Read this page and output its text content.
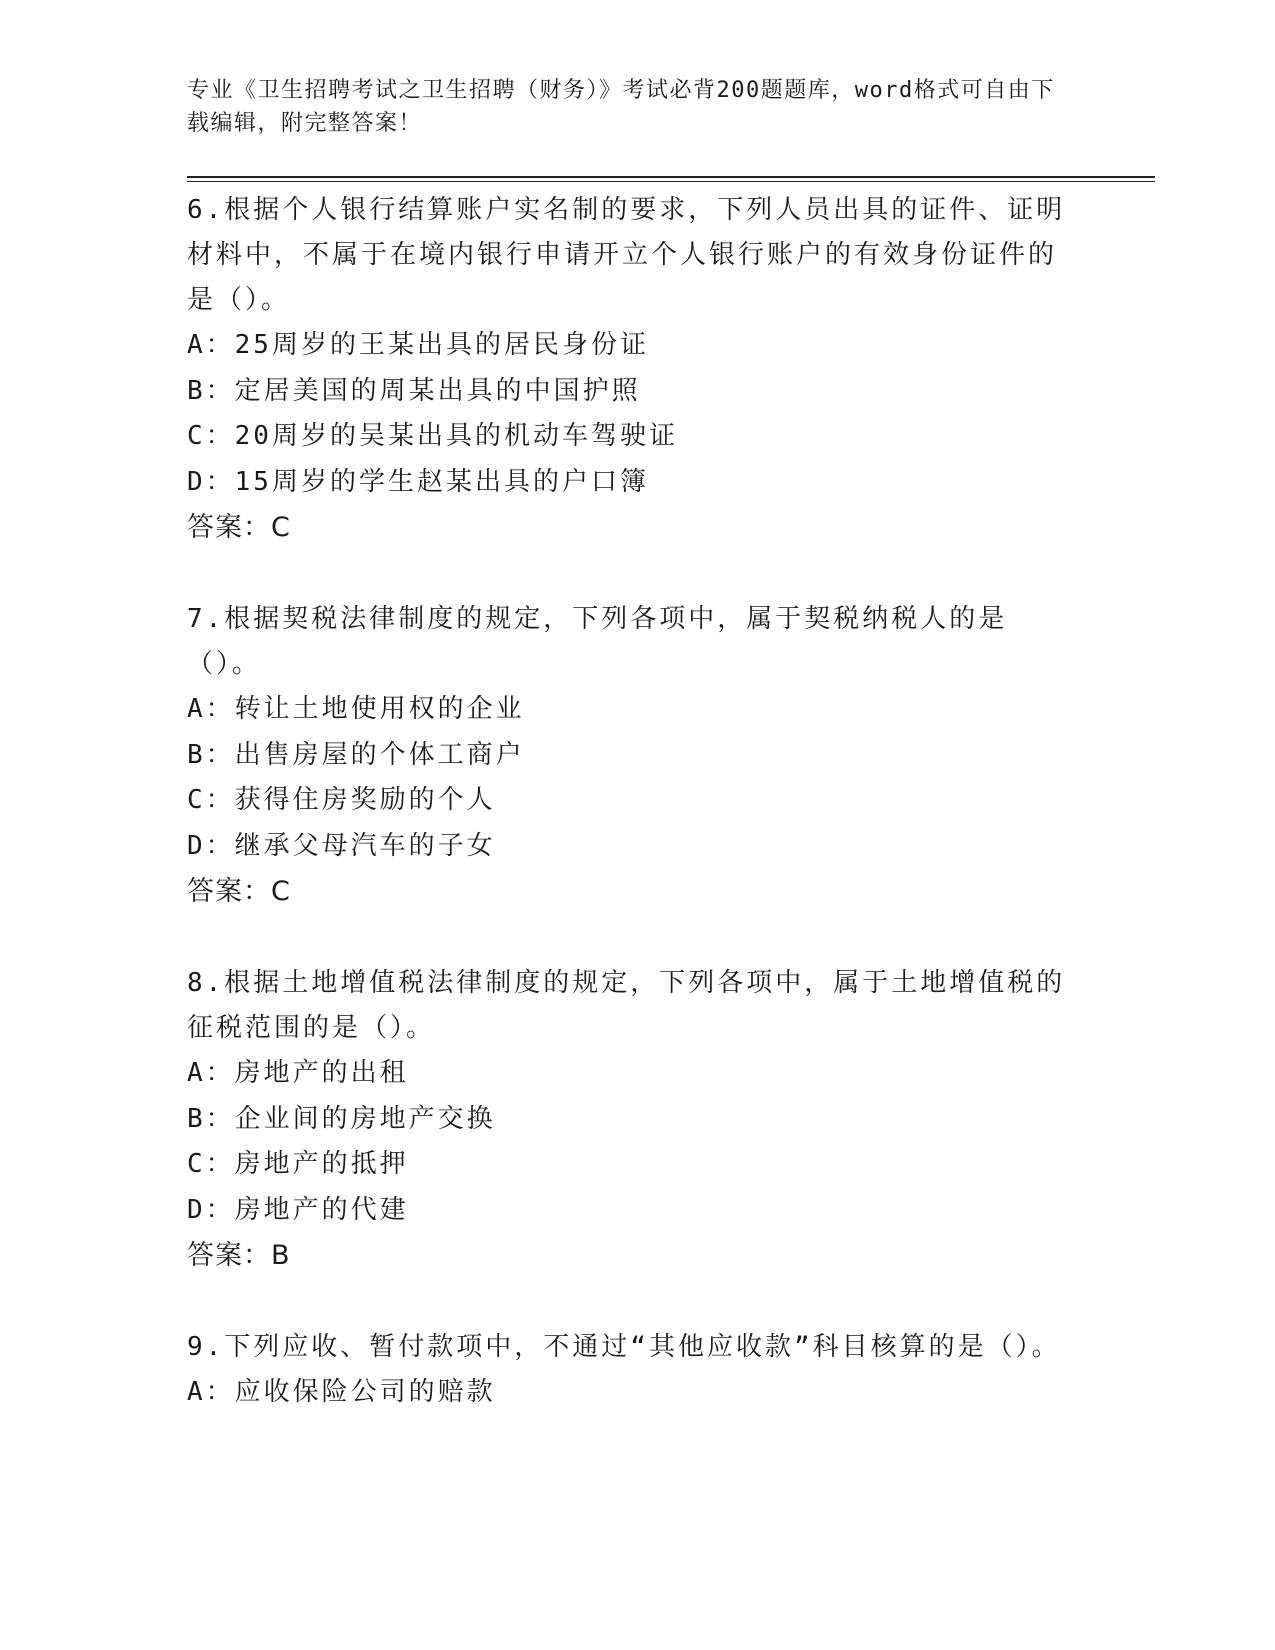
专业《卫生招聘考试之卫生招聘（财务）》考试必背200题题库，word格式可自由下载编辑，附完整答案！
6.根据个人银行结算账户实名制的要求，下列人员出具的证件、证明材料中，不属于在境内银行申请开立个人银行账户的有效身份证件的是（）。
A：25周岁的王某出具的居民身份证
B：定居美国的周某出具的中国护照
C：20周岁的吴某出具的机动车驾驶证
D：15周岁的学生赵某出具的户口簿
答案：C
7.根据契税法律制度的规定，下列各项中，属于契税纳税人的是（）。
A：转让土地使用权的企业
B：出售房屋的个体工商户
C：获得住房奖励的个人
D：继承父母汽车的子女
答案：C
8.根据土地增值税法律制度的规定，下列各项中，属于土地增值税的征税范围的是（）。
A：房地产的出租
B：企业间的房地产交换
C：房地产的抵押
D：房地产的代建
答案：B
9.下列应收、暂付款项中，不通过“其他应收款”科目核算的是（）。
A：应收保险公司的赔款
